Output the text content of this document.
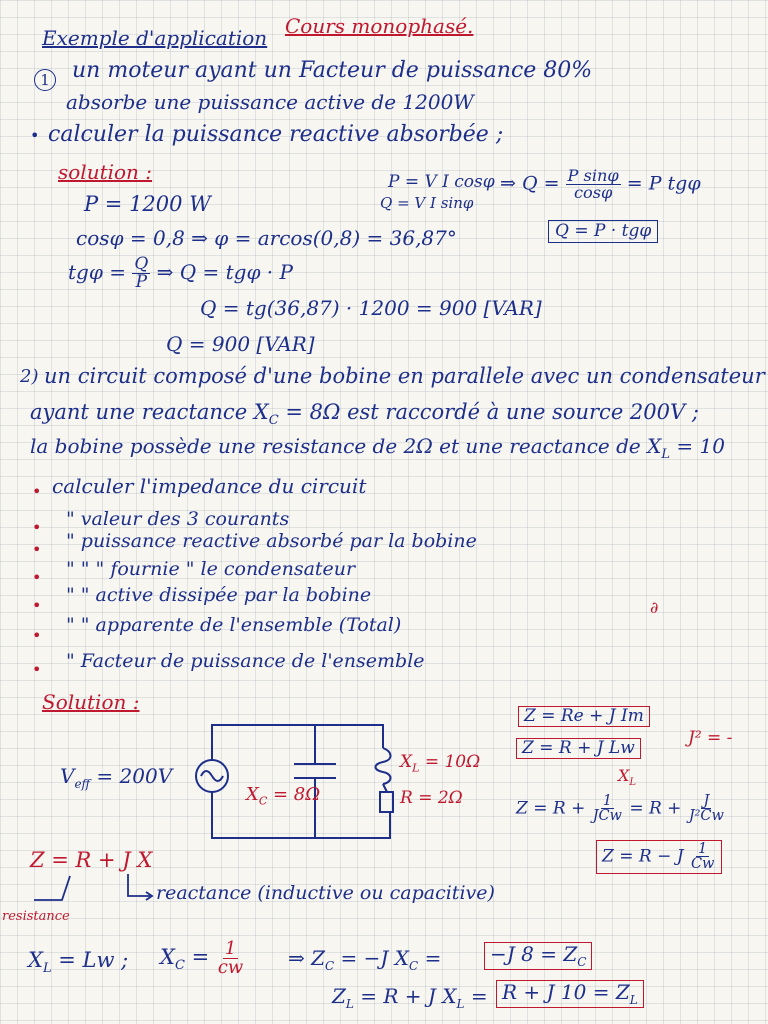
Exemple d'application Cours monophasé.
1 un moteur ayant un Facteur de puissance 80%
absorbe une puissance active de 1200W
• calculer la puissance reactive absorbée ;
solution :	P = V I cosφ
Q = V I sinφ
⇒ $Q = \frac{\text{P sinφ}}{\cos\varphi} = P$ tgφ
Q = P · tgφ
P = 1200 W
cosφ = 0,8 ⇒ φ = arcos(0,8) = 36,87°
$tg\varphi = \frac{Q}{P}$ ⇒ Q = tgφ · P
Q = tg(36,87) · 1200 = 900 [VAR]
Q = 900 [VAR]
2) un circuit composé d'une bobine en parallele avec un condensateur
ayant une reactance $X_C = 8\Omega$ est raccordé à une source 200V ;
la bobine possède une resistance de 2Ω et une reactance de $X_L = 10$
• calculer l'impedance du circuit
• " valeur des 3 courants
• " puissance reactive absorbé par la bobine
• " " " fournie " le condensateur
• " " active dissipée par la bobine
• " " apparente de l'ensemble (Total)
• " Facteur de puissance de l'ensemble
∂
Solution :
$V_{eff} = 200V$
$X_C = 8\Omega$
$X_L = 10\Omega$
R = 2Ω
Z = Re + J Im
Z = R + J Lw
$X_L$
J² = -
$Z = R + \frac{1}{\text{JCw}} = R + \frac{J}{\text{J²Cw}}$
Z = R − J $\frac{1}{Cw}$
Z = R + J X
reactance (inductive ou capacitive)
resistance
$X_L = Lw$ ; $X_C = \frac{1}{cw}$ ⇒ $Z_C = -J$ $X_C$ =	−J $8 = Z_C$
$Z_L = R + J$ $X_L = R + J$ $10 = Z_L$
